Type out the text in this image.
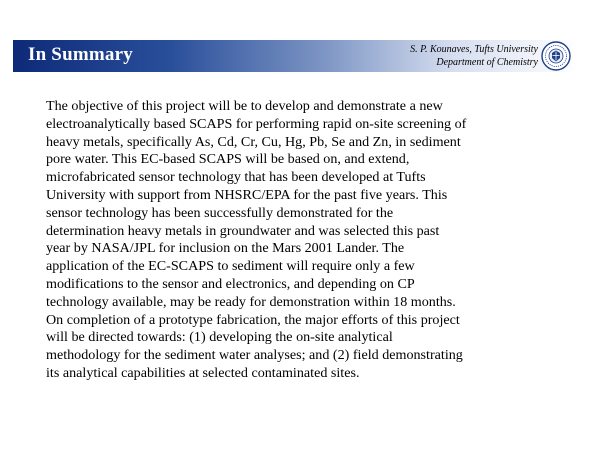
In Summary	S. P. Kounaves, Tufts University
Department of Chemistry

The objective of this project will be to develop and demonstrate a new
electroanalytically based SCAPS for performing rapid on-site screening of
heavy metals, specifically As, Cd, Cr, Cu, Hg, Pb, Se and Zn, in sediment
pore water. This EC-based SCAPS will be based on, and extend,
microfabricated sensor technology that has been developed at Tufts
University with support from NHSRC/EPA for the past five years. This
sensor technology has been successfully demonstrated for the
determination heavy metals in groundwater and was selected this past
year by NASA/JPL for inclusion on the Mars 2001 Lander. The
application of the EC-SCAPS to sediment will require only a few
modifications to the sensor and electronics, and depending on CP
technology available, may be ready for demonstration within 18 months.
On completion of a prototype fabrication, the major efforts of this project
will be directed towards: (1) developing the on-site analytical
methodology for the sediment water analyses; and (2) field demonstrating
its analytical capabilities at selected contaminated sites.
